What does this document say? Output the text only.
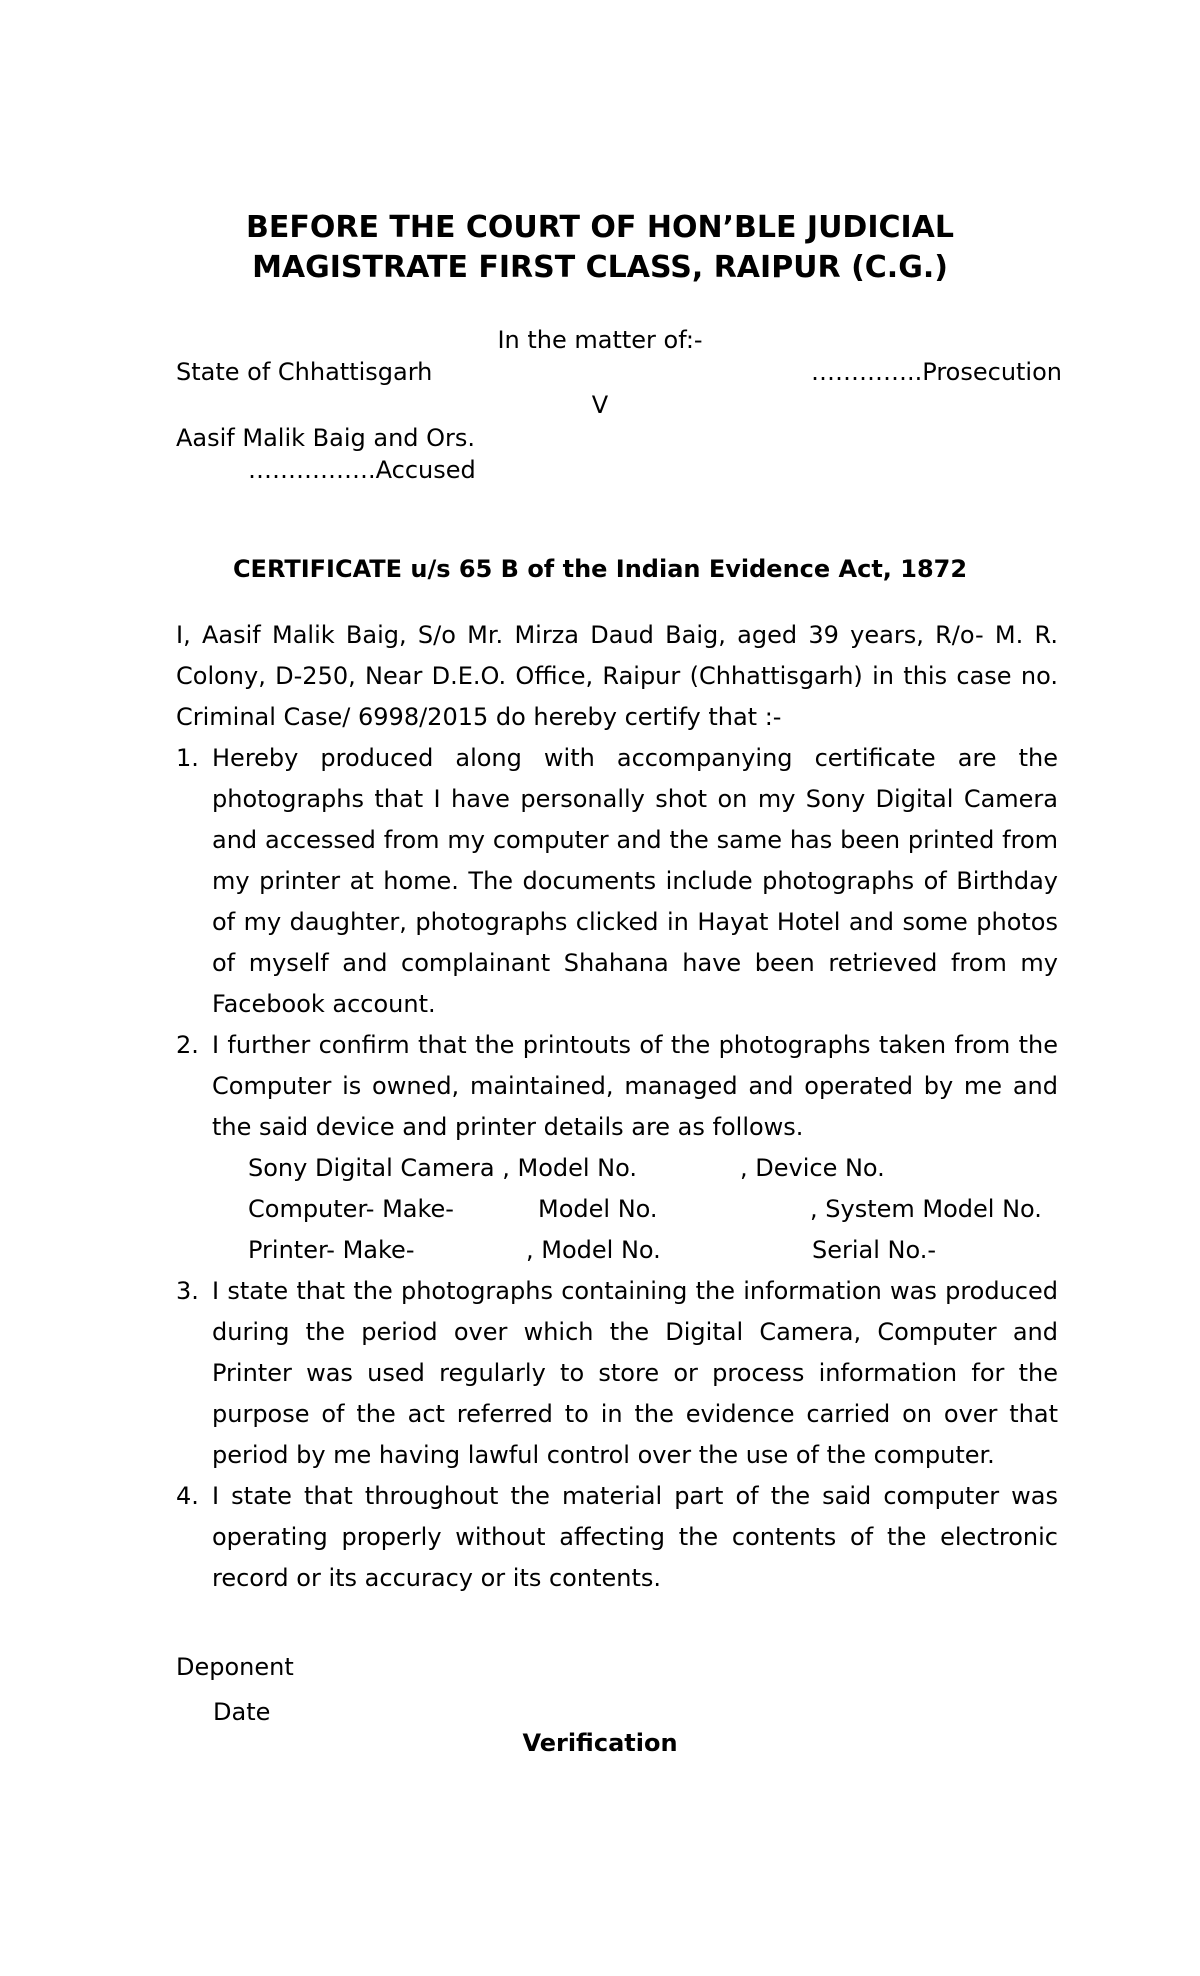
BEFORE THE COURT OF HON’BLE JUDICIAL
MAGISTRATE FIRST CLASS, RAIPUR (C.G.)
In the matter of:-
State of Chhattisgarh	…………..Prosecution
V
Aasif Malik Baig and Ors.
…………….Accused
CERTIFICATE u/s 65 B of the Indian Evidence Act, 1872
I, Aasif Malik Baig, S/o Mr. Mirza Daud Baig, aged 39 years, R/o- M. R. Colony, D-250, Near D.E.O. Office, Raipur (Chhattisgarh) in this case no. Criminal Case/ 6998/2015 do hereby certify that :-
1. Hereby produced along with accompanying certificate are the photographs that I have personally shot on my Sony Digital Camera and accessed from my computer and the same has been printed from my printer at home. The documents include photographs of Birthday of my daughter, photographs clicked in Hayat Hotel and some photos of myself and complainant Shahana have been retrieved from my Facebook account.
2. I further confirm that the printouts of the photographs taken from the Computer is owned, maintained, managed and operated by me and the said device and printer details are as follows.
Sony Digital Camera , Model No.	, Device No.
Computer- Make-	Model No.	, System Model No.
Printer- Make-	, Model No.	Serial No.-
3. I state that the photographs containing the information was produced during the period over which the Digital Camera, Computer and Printer was used regularly to store or process information for the purpose of the act referred to in the evidence carried on over that period by me having lawful control over the use of the computer.
4. I state that throughout the material part of the said computer was operating properly without affecting the contents of the electronic record or its accuracy or its contents.
Deponent
Date
Verification
